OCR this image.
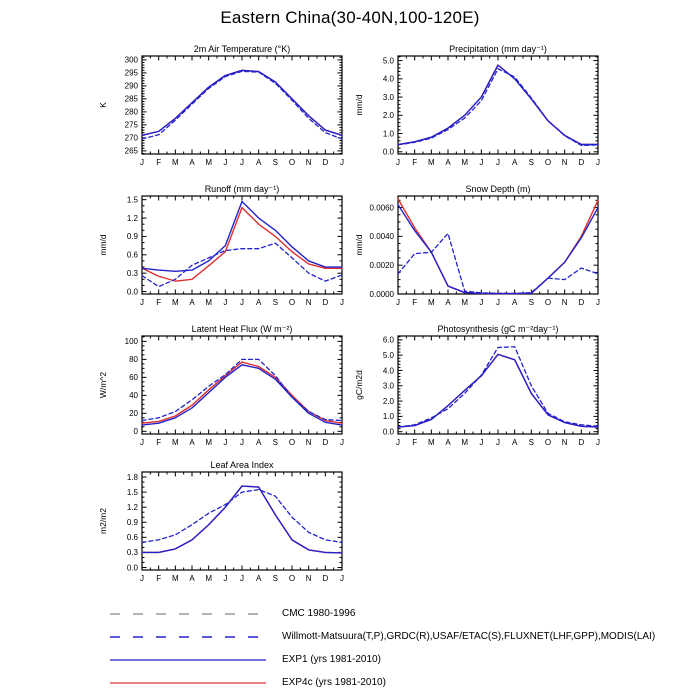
Eastern China(30-40N,100-120E)
265
270
275
280
285
290
295
300
J F M A M J J A S O N D J
2m Air Temperature (°K)
K
0.0
1.0
2.0
3.0
4.0
5.0
J F M A M J J A S O N D J
Precipitation (mm day⁻¹)
mm/d
0.0
0.3
0.6
0.9
1.2
1.5
J F M A M J J A S O N D J
Runoff (mm day⁻¹)
mm/d
0.0000
0.0020
0.0040
0.0060
J F M A M J J A S O N D J
Snow Depth (m)
mm/d
0
20
40
60
80
100
J F M A M J J A S O N D J
Latent Heat Flux (W m⁻²)
W/m^2
0.0
1.0
2.0
3.0
4.0
5.0
6.0
J F M A M J J A S O N D J
Photosynthesis (gC m⁻²day⁻¹)
gC/m2d
0.0
0.3
0.6
0.9
1.2
1.5
1.8
J F M A M J J A S O N D J
Leaf Area Index
m2/m2
CMC 1980-1996
Willmott-Matsuura(T,P),GRDC(R),USAF/ETAC(S),FLUXNET(LHF,GPP),MODIS(LAI)
EXP1 (yrs 1981-2010)
EXP4c (yrs 1981-2010)
